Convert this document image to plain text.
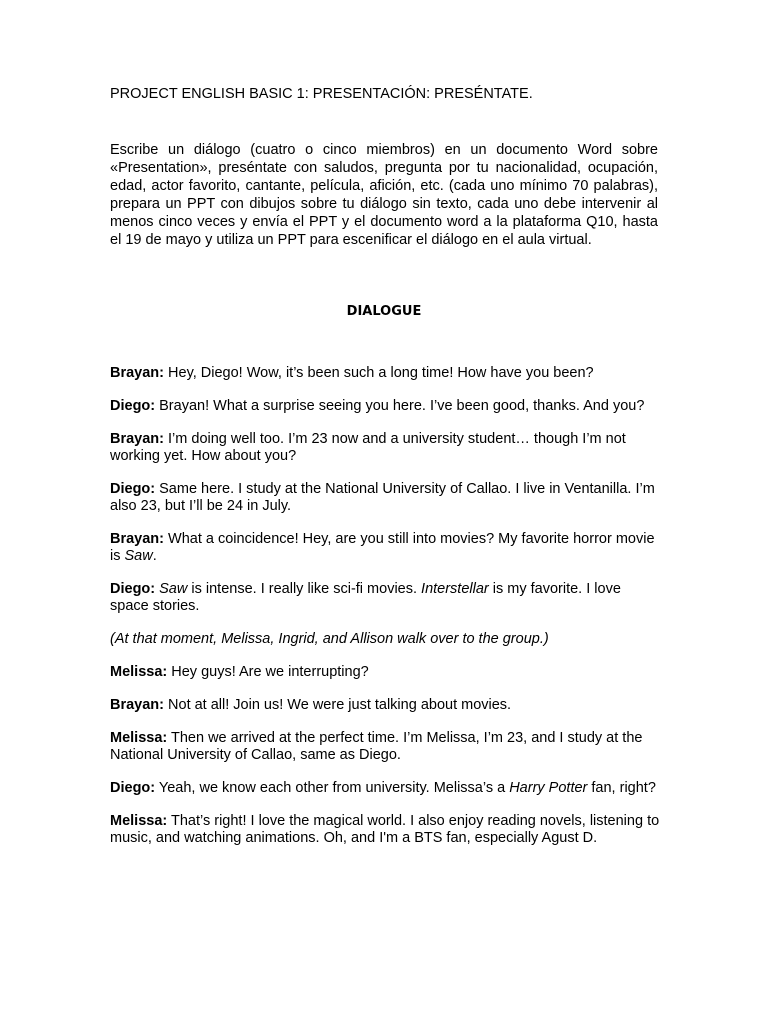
PROJECT ENGLISH BASIC 1: PRESENTACIÓN: PRESÉNTATE.

Escribe un diálogo (cuatro o cinco miembros) en un documento Word sobre «Presentation», preséntate con saludos, pregunta por tu nacionalidad, ocupación, edad, actor favorito, cantante, película, afición, etc. (cada uno mínimo 70 palabras), prepara un PPT con dibujos sobre tu diálogo sin texto, cada uno debe intervenir al menos cinco veces y envía el PPT y el documento word a la plataforma Q10, hasta el 19 de mayo y utiliza un PPT para escenificar el diálogo en el aula virtual.

DIALOGUE

Brayan: Hey, Diego! Wow, it’s been such a long time! How have you been?

Diego: Brayan! What a surprise seeing you here. I’ve been good, thanks. And you?

Brayan: I’m doing well too. I’m 23 now and a university student… though I’m not working yet. How about you?

Diego: Same here. I study at the National University of Callao. I live in Ventanilla. I’m also 23, but I’ll be 24 in July.

Brayan: What a coincidence! Hey, are you still into movies? My favorite horror movie is Saw.

Diego: Saw is intense. I really like sci-fi movies. Interstellar is my favorite. I love space stories.

(At that moment, Melissa, Ingrid, and Allison walk over to the group.)

Melissa: Hey guys! Are we interrupting?

Brayan: Not at all! Join us! We were just talking about movies.

Melissa: Then we arrived at the perfect time. I’m Melissa, I’m 23, and I study at the National University of Callao, same as Diego.

Diego: Yeah, we know each other from university. Melissa’s a Harry Potter fan, right?

Melissa: That’s right! I love the magical world. I also enjoy reading novels, listening to music, and watching animations. Oh, and I'm a BTS fan, especially Agust D.
